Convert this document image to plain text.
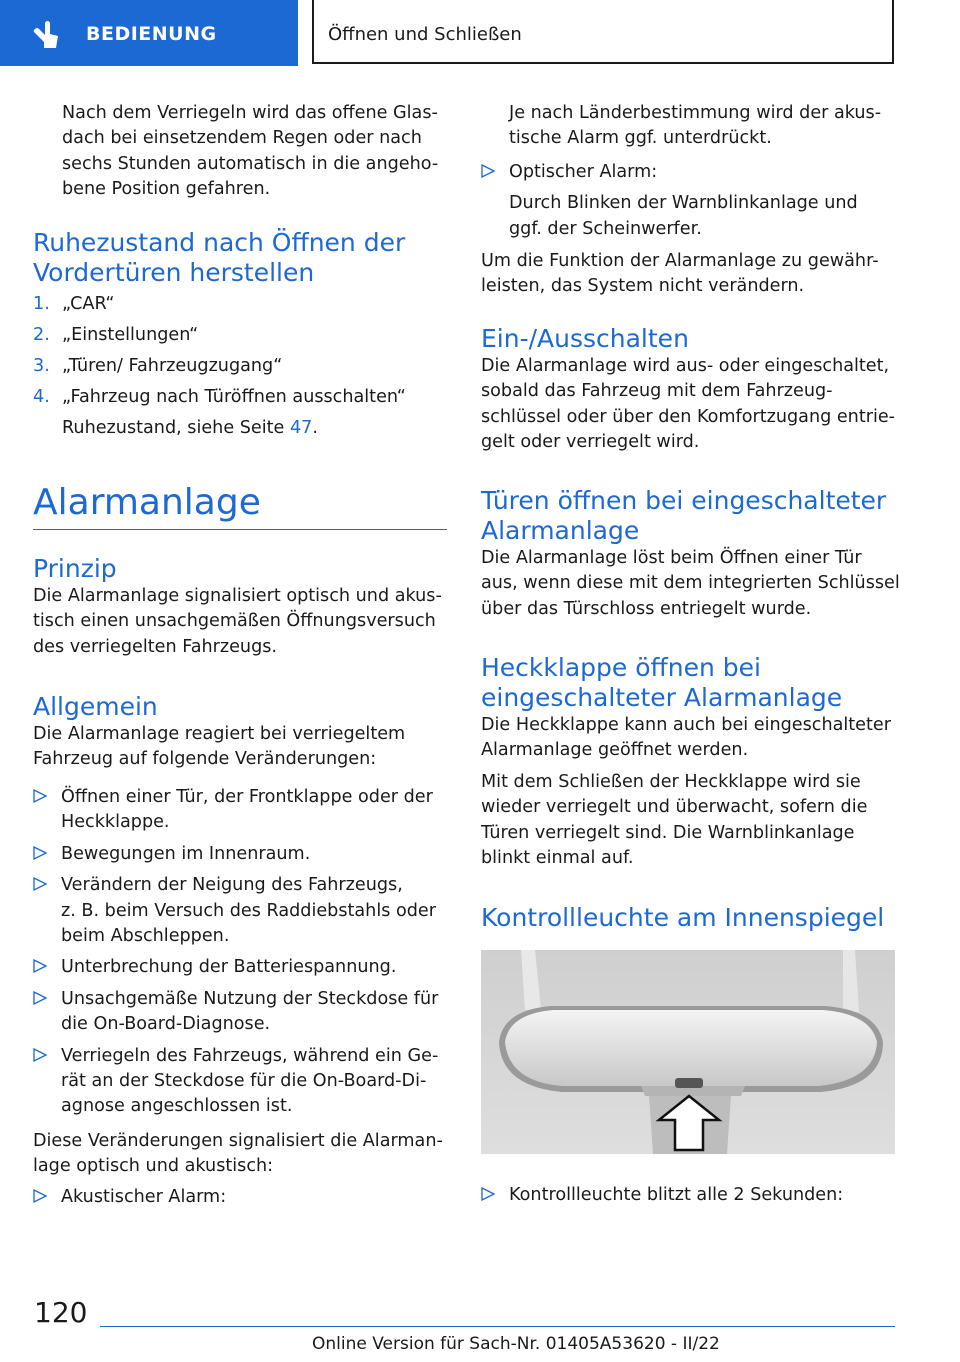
BEDIENUNG	Öffnen und Schließen

Nach dem Verriegeln wird das offene Glas-

dach bei einsetzendem Regen oder nach

sechs Stunden automatisch in die angeho-

bene Position gefahren.

Ruhezustand nach Öffnen der
Vordertüren herstellen

1. „CAR“

2. „Einstellungen“

3. „Türen/ Fahrzeugzugang“

4. „Fahrzeug nach Türöffnen ausschalten“

Ruhezustand, siehe Seite 47.

Alarmanlage
Prinzip

Die Alarmanlage signalisiert optisch und akus-

tisch einen unsachgemäßen Öffnungsversuch

des verriegelten Fahrzeugs.

Allgemein

Die Alarmanlage reagiert bei verriegeltem

Fahrzeug auf folgende Veränderungen:

Öffnen einer Tür, der Frontklappe oder der

Heckklappe.

Bewegungen im Innenraum.

Verändern der Neigung des Fahrzeugs,

z. B. beim Versuch des Raddiebstahls oder

beim Abschleppen.

Unterbrechung der Batteriespannung.

Unsachgemäße Nutzung der Steckdose für

die On-Board-Diagnose.

Verriegeln des Fahrzeugs, während ein Ge-

rät an der Steckdose für die On-Board-Di-

agnose angeschlossen ist.

Diese Veränderungen signalisiert die Alarman-

lage optisch und akustisch:

Akustischer Alarm:

Je nach Länderbestimmung wird der akus-

tische Alarm ggf. unterdrückt.

Optischer Alarm:

Durch Blinken der Warnblinkanlage und

ggf. der Scheinwerfer.

Um die Funktion der Alarmanlage zu gewähr-

leisten, das System nicht verändern.

Ein-/Ausschalten

Die Alarmanlage wird aus- oder eingeschaltet,

sobald das Fahrzeug mit dem Fahrzeug-

schlüssel oder über den Komfortzugang entrie-

gelt oder verriegelt wird.

Türen öffnen bei eingeschalteter
Alarmanlage

Die Alarmanlage löst beim Öffnen einer Tür

aus, wenn diese mit dem integrierten Schlüssel

über das Türschloss entriegelt wurde.

Heckklappe öffnen bei
eingeschalteter Alarmanlage

Die Heckklappe kann auch bei eingeschalteter

Alarmanlage geöffnet werden.

Mit dem Schließen der Heckklappe wird sie

wieder verriegelt und überwacht, sofern die

Türen verriegelt sind. Die Warnblinkanlage

blinkt einmal auf.

Kontrollleuchte am Innenspiegel

Kontrollleuchte blitzt alle 2 Sekunden:

120
Online Version für Sach-Nr. 01405A53620 - II/22
